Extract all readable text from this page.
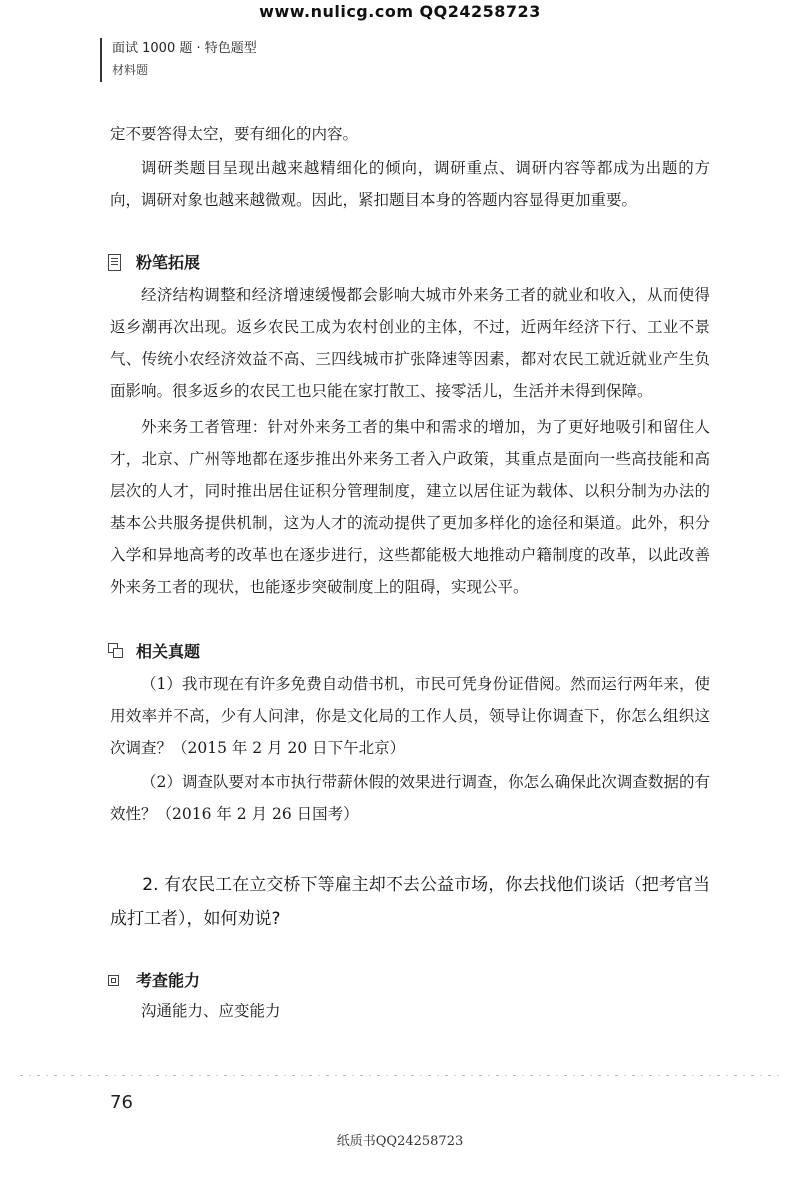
www.nulicg.com QQ24258723
面试 1000 题 · 特色题型
材料题

定不要答得太空，要有细化的内容。

调研类题目呈现出越来越精细化的倾向，调研重点、调研内容等都成为出题的方向，调研对象也越来越微观。因此，紧扣题目本身的答题内容显得更加重要。

粉笔拓展

经济结构调整和经济增速缓慢都会影响大城市外来务工者的就业和收入，从而使得返乡潮再次出现。返乡农民工成为农村创业的主体，不过，近两年经济下行、工业不景气、传统小农经济效益不高、三四线城市扩张降速等因素，都对农民工就近就业产生负面影响。很多返乡的农民工也只能在家打散工、接零活儿，生活并未得到保障。

外来务工者管理：针对外来务工者的集中和需求的增加，为了更好地吸引和留住人才，北京、广州等地都在逐步推出外来务工者入户政策，其重点是面向一些高技能和高层次的人才，同时推出居住证积分管理制度，建立以居住证为载体、以积分制为办法的基本公共服务提供机制，这为人才的流动提供了更加多样化的途径和渠道。此外，积分入学和异地高考的改革也在逐步进行，这些都能极大地推动户籍制度的改革，以此改善外来务工者的现状，也能逐步突破制度上的阻碍，实现公平。

相关真题

（1）我市现在有许多免费自动借书机，市民可凭身份证借阅。然而运行两年来，使用效率并不高，少有人问津，你是文化局的工作人员，领导让你调查下，你怎么组织这次调查？（2015 年 2 月 20 日下午北京）

（2）调查队要对本市执行带薪休假的效果进行调查，你怎么确保此次调查数据的有效性？（2016 年 2 月 26 日国考）

2. 有农民工在立交桥下等雇主却不去公益市场，你去找他们谈话（把考官当成打工者），如何劝说?

考查能力

沟通能力、应变能力

76
纸质书QQ24258723
